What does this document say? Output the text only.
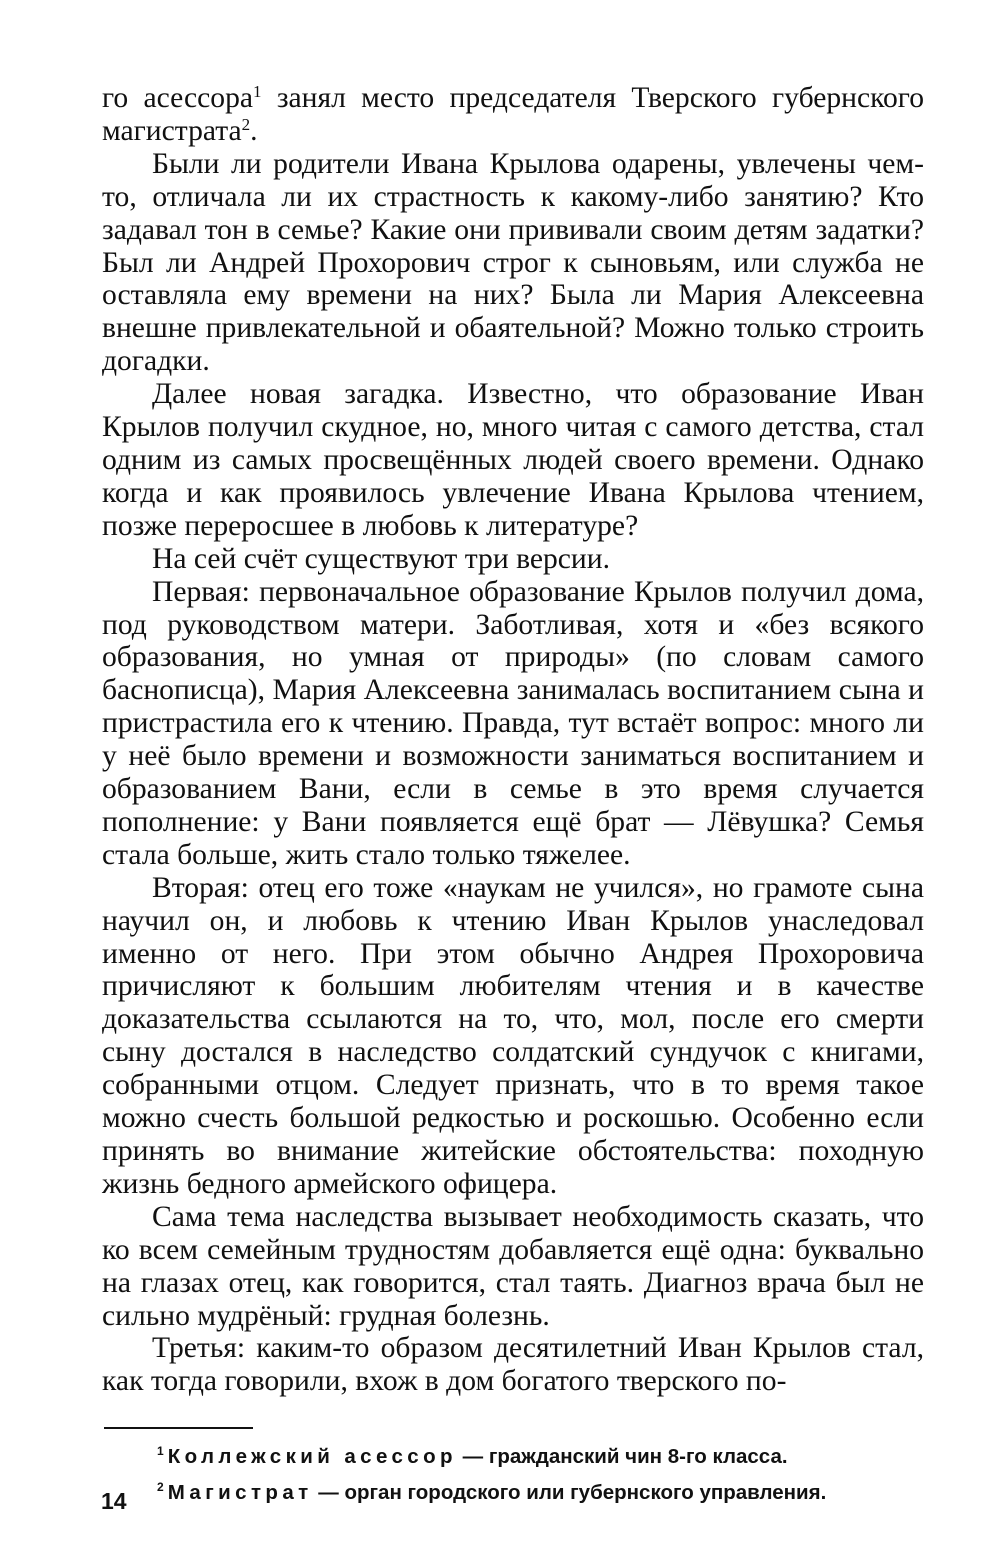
го асессора$^1$ занял место председателя Тверского губернского магистрата$^2$.

Были ли родители Ивана Крылова одарены, увлечены чем-то, отличала ли их страстность к какому-либо занятию? Кто задавал тон в семье? Какие они прививали своим детям задатки? Был ли Андрей Прохорович строг к сыновьям, или служба не оставляла ему времени на них? Была ли Мария Алексеевна внешне привлекательной и обаятельной? Можно только строить догадки.

Далее новая загадка. Известно, что образование Иван Крылов получил скудное, но, много читая с самого детства, стал одним из самых просвещённых людей своего времени. Однако когда и как проявилось увлечение Ивана Крылова чтением, позже переросшее в любовь к литературе?

На сей счёт существуют три версии.

Первая: первоначальное образование Крылов получил дома, под руководством матери. Заботливая, хотя и «без всякого образования, но умная от природы» (по словам самого баснописца), Мария Алексеевна занималась воспитанием сына и пристрастила его к чтению. Правда, тут встаёт вопрос: много ли у неё было времени и возможности заниматься воспитанием и образованием Вани, если в семье в это время случается пополнение: у Вани появляется ещё брат — Лёвушка? Семья стала больше, жить стало только тяжелее.

Вторая: отец его тоже «наукам не учился», но грамоте сына научил он, и любовь к чтению Иван Крылов унаследовал именно от него. При этом обычно Андрея Прохоровича причисляют к большим любителям чтения и в качестве доказательства ссылаются на то, что, мол, после его смерти сыну достался в наследство солдатский сундучок с книгами, собранными отцом. Следует признать, что в то время такое можно счесть большой редкостью и роскошью. Особенно если принять во внимание житейские обстоятельства: походную жизнь бедного армейского офицера.

Сама тема наследства вызывает необходимость сказать, что ко всем семейным трудностям добавляется ещё одна: буквально на глазах отец, как говорится, стал таять. Диагноз врача был не сильно мудрёный: грудная болезнь.

Третья: каким-то образом десятилетний Иван Крылов стал, как тогда говорили, вхож в дом богатого тверского по-

$^1$ Коллежский асессор — гражданский чин 8-го класса.
$^2$ Магистрат — орган городского или губернского управления.
14
